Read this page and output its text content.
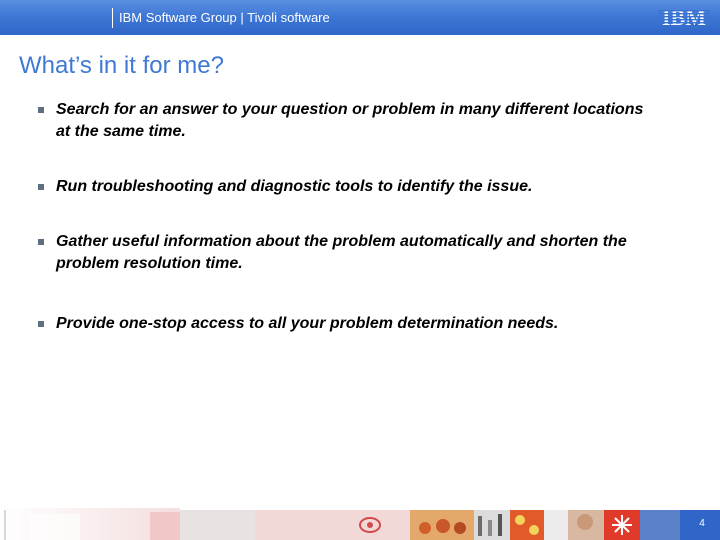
IBM Software Group | Tivoli software
What’s in it for me?
Search for an answer to your question or problem in many different locations at the same time.
Run troubleshooting and diagnostic tools to identify the issue.
Gather useful information about the problem automatically and shorten the problem resolution time.
Provide one-stop access to all your problem determination needs.
4
